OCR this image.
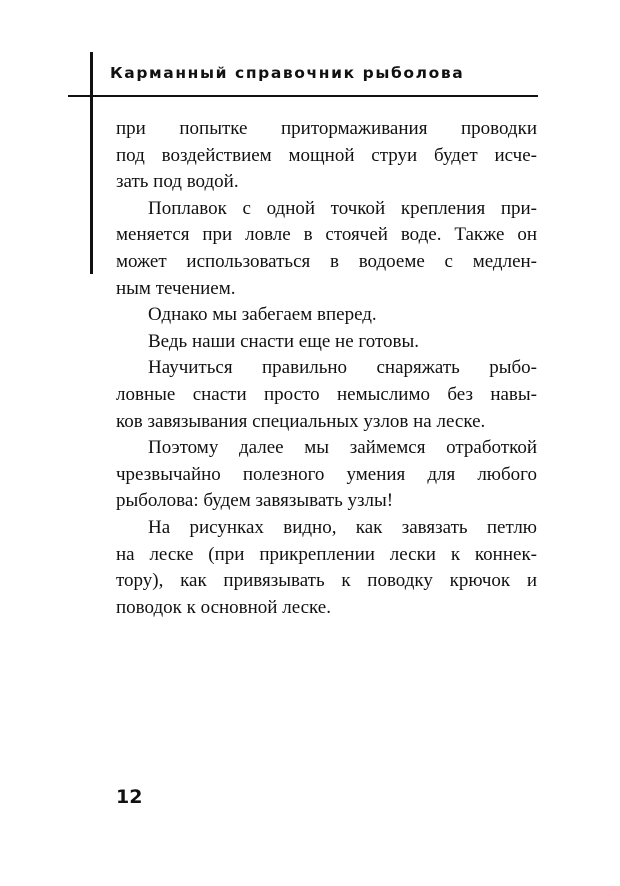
Карманный справочник рыболова
при попытке притормаживания проводки
под воздействием мощной струи будет исче-
зать под водой.
Поплавок с одной точкой крепления при-
меняется при ловле в стоячей воде. Также он
может использоваться в водоеме с медлен-
ным течением.
Однако мы забегаем вперед.
Ведь наши снасти еще не готовы.
Научиться правильно снаряжать рыбо-
ловные снасти просто немыслимо без навы-
ков завязывания специальных узлов на леске.
Поэтому далее мы займемся отработкой
чрезвычайно полезного умения для любого
рыболова: будем завязывать узлы!
На рисунках видно, как завязать петлю
на леске (при прикреплении лески к коннек-
тору), как привязывать к поводку крючок и
поводок к основной леске.
12
